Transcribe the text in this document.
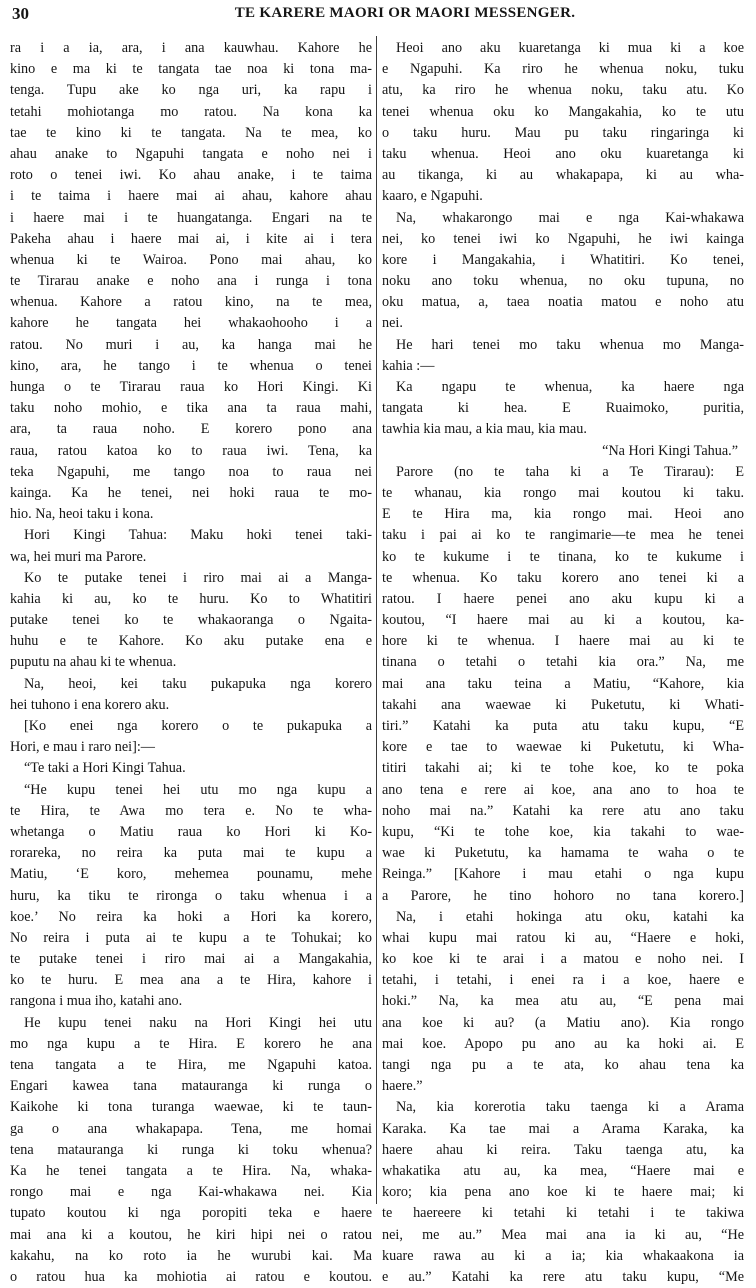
30	TE KARERE MAORI OR MAORI MESSENGER.
ra i a ia, ara, i ana kauwhau. Kahore he
kino e ma ki te tangata tae noa ki tona ma-
tenga. Tupu ake ko nga uri, ka rapu i
tetahi mohiotanga mo ratou. Na kona ka
tae te kino ki te tangata. Na te mea, ko
ahau anake to Ngapuhi tangata e noho nei i
roto o tenei iwi. Ko ahau anake, i te taima
i te taima i haere mai ai ahau, kahore ahau
i haere mai i te huangatanga. Engari na te
Pakeha ahau i haere mai ai, i kite ai i tera
whenua ki te Wairoa. Pono mai ahau, ko
te Tirarau anake e noho ana i runga i tona
whenua. Kahore a ratou kino, na te mea,
kahore he tangata hei whakaohooho i a
ratou. No muri i au, ka hanga mai he
kino, ara, he tango i te whenua o tenei
hunga o te Tirarau raua ko Hori Kingi. Ki
taku noho mohio, e tika ana ta raua mahi,
ara, ta raua noho. E korero pono ana
raua, ratou katoa ko to raua iwi. Tena, ka
teka Ngapuhi, me tango noa to raua nei
kainga. Ka he tenei, nei hoki raua te mo-
hio. Na, heoi taku i kona.
Hori Kingi Tahua: Maku hoki tenei taki-
wa, hei muri ma Parore.
Ko te putake tenei i riro mai ai a Manga-
kahia ki au, ko te huru. Ko to Whatitiri
putake tenei ko te whakaoranga o Ngaita-
huhu e te Kahore. Ko aku putake ena e
puputu na ahau ki te whenua.
Na, heoi, kei taku pukapuka nga korero
hei tuhono i ena korero aku.
[Ko enei nga korero o te pukapuka a
Hori, e mau i raro nei]:—
“Te taki a Hori Kingi Tahua.
“He kupu tenei hei utu mo nga kupu a
te Hira, te Awa mo tera e. No te wha-
whetanga o Matiu raua ko Hori ki Ko-
rorareka, no reira ka puta mai te kupu a
Matiu, ‘E koro, mehemea pounamu, mehe
huru, ka tiku te rironga o taku whenua i a
koe.’ No reira ka hoki a Hori ka korero,
No reira i puta ai te kupu a te Tohukai; ko
te putake tenei i riro mai ai a Mangakahia,
ko te huru. E mea ana a te Hira, kahore i
rangona i mua iho, katahi ano.
He kupu tenei naku na Hori Kingi hei utu
mo nga kupu a te Hira. E korero he ana
tena tangata a te Hira, me Ngapuhi katoa.
Engari kawea tana matauranga ki runga o
Kaikohe ki tona turanga waewae, ki te taun-
ga o ana whakapapa. Tena, me homai
tena matauranga ki runga ki toku whenua?
Ka he tenei tangata a te Hira. Na, whaka-
rongo mai e nga Kai-whakawa nei. Kia
tupato koutou ki nga poropiti teka e haere
mai ana ki a koutou, he kiri hipi nei o ratou
kakahu, na ko roto ia he wurubi kai. Ma
o ratou hua ka mohiotia ai ratou e koutou.
Heoi ano aku kuaretanga ki mua ki a koe
e Ngapuhi. Ka riro he whenua noku, tuku
atu, ka riro he whenua noku, taku atu. Ko
tenei whenua oku ko Mangakahia, ko te utu
o taku huru. Mau pu taku ringaringa ki
taku whenua. Heoi ano oku kuaretanga ki
au tikanga, ki au whakapapa, ki au wha-
kaaro, e Ngapuhi.
Na, whakarongo mai e nga Kai-whakawa
nei, ko tenei iwi ko Ngapuhi, he iwi kainga
kore i Mangakahia, i Whatitiri. Ko tenei,
noku ano toku whenua, no oku tupuna, no
oku matua, a, taea noatia matou e noho atu
nei.
He hari tenei mo taku whenua mo Manga-
kahia :—
Ka ngapu te whenua, ka haere nga
tangata ki hea. E Ruaimoko, puritia,
tawhia kia mau, a kia mau, kia mau.
“Na Hori Kingi Tahua.”
Parore (no te taha ki a Te Tirarau): E
te whanau, kia rongo mai koutou ki taku.
E te Hira ma, kia rongo mai. Heoi ano
taku i pai ai ko te rangimarie—te mea he tenei
ko te kukume i te tinana, ko te kukume i
te whenua. Ko taku korero ano tenei ki a
ratou. I haere penei ano aku kupu ki a
koutou, “I haere mai au ki a koutou, ka-
hore ki te whenua. I haere mai au ki te
tinana o tetahi o tetahi kia ora.” Na, me
mai ana taku teina a Matiu, “Kahore, kia
takahi ana waewae ki Puketutu, ki Whati-
tiri.” Katahi ka puta atu taku kupu, “E
kore e tae to waewae ki Puketutu, ki Wha-
titiri takahi ai; ki te tohe koe, ko te poka
ano tena e rere ai koe, ana ano to hoa te
noho mai na.” Katahi ka rere atu ano taku
kupu, “Ki te tohe koe, kia takahi to wae-
wae ki Puketutu, ka hamama te waha o te
Reinga.” [Kahore i mau etahi o nga kupu
a Parore, he tino hohoro no tana korero.]
Na, i etahi hokinga atu oku, katahi ka
whai kupu mai ratou ki au, “Haere e hoki,
ko koe ki te arai i a matou e noho nei. I
tetahi, i tetahi, i enei ra i a koe, haere e
hoki.” Na, ka mea atu au, “E pena mai
ana koe ki au? (a Matiu ano). Kia rongo
mai koe. Apopo pu ano au ka hoki ai. E
tangi nga pu a te ata, ko ahau tena ka
haere.”
Na, kia korerotia taku taenga ki a Arama
Karaka. Ka tae mai a Arama Karaka, ka
haere ahau ki reira. Taku taenga atu, ka
whakatika atu au, ka mea, “Haere mai e
koro; kia pena ano koe ki te haere mai; ki
te haereere ki tetahi ki tetahi i te takiwa
nei, me au.” Mea mai ana ia ki au, “He
kuare rawa au ki a ia; kia whakaakona ia
e au.” Katahi ka rere atu taku kupu, “Me
